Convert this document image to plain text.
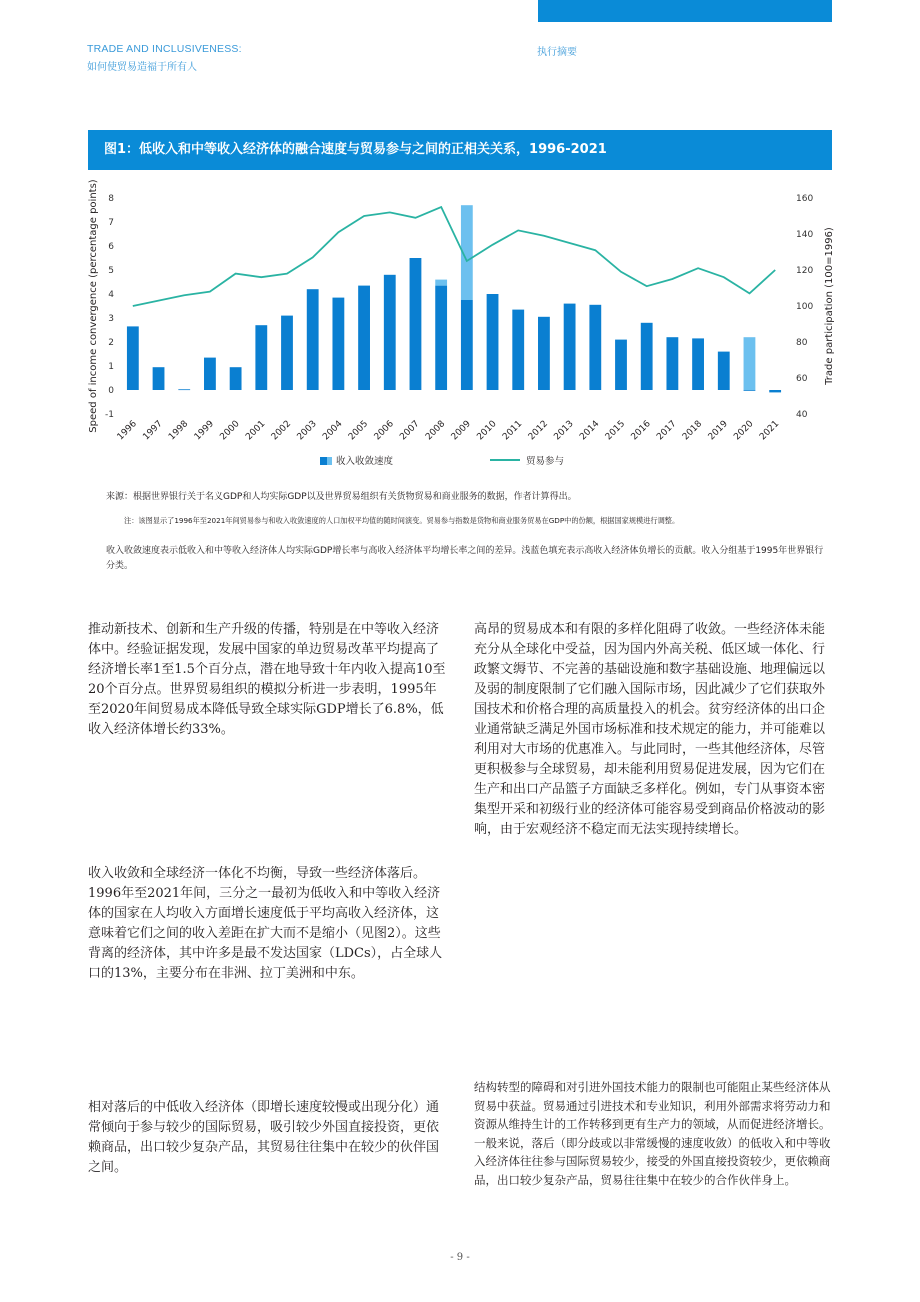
TRADE AND INCLUSIVENESS:
如何使贸易造福于所有人
执行摘要
图1：低收入和中等收入经济体的融合速度与贸易参与之间的正相关关系，1996-2021
-1
0
1
2
3
4
5
6
7
8
40
60
80
100
120
140
160
Speed of income convergence (percentage points)	Trade participation (100=1996)
1996 1997 1998 1999 2000 2001 2002 2003 2004 2005 2006 2007 2008 2009 2010 2011 2012 2013 2014 2015 2016 2017 2018 2019 2020 2021
收入收敛速度	贸易参与
来源：根据世界银行关于名义GDP和人均实际GDP以及世界贸易组织有关货物贸易和商业服务的数据，作者计算得出。
注：该图显示了1996年至2021年间贸易参与和收入收敛速度的人口加权平均值的随时间演变。贸易参与指数是货物和商业服务贸易在GDP中的份额，根据国家规模进行调整。
收入收敛速度表示低收入和中等收入经济体人均实际GDP增长率与高收入经济体平均增长率之间的差异。浅蓝色填充表示高收入经济体负增长的贡献。收入分组基于1995年世界银行分类。

推动新技术、创新和生产升级的传播，特别是在中等收入经济体中。经验证据发现，发展中国家的单边贸易改革平均提高了经济增长率1至1.5个百分点，潜在地导致十年内收入提高10至20个百分点。世界贸易组织的模拟分析进一步表明，1995年至2020年间贸易成本降低导致全球实际GDP增长了6.8%，低收入经济体增长约33%。

收入收敛和全球经济一体化不均衡，导致一些经济体落后。1996年至2021年间，三分之一最初为低收入和中等收入经济体的国家在人均收入方面增长速度低于平均高收入经济体，这意味着它们之间的收入差距在扩大而不是缩小（见图2）。这些背离的经济体，其中许多是最不发达国家（LDCs），占全球人口的13%，主要分布在非洲、拉丁美洲和中东。

相对落后的中低收入经济体（即增长速度较慢或出现分化）通常倾向于参与较少的国际贸易，吸引较少外国直接投资，更依赖商品，出口较少复杂产品，其贸易往往集中在较少的伙伴国之间。

高昂的贸易成本和有限的多样化阻碍了收敛。一些经济体未能充分从全球化中受益，因为国内外高关税、低区域一体化、行政繁文缛节、不完善的基础设施和数字基础设施、地理偏远以及弱的制度限制了它们融入国际市场，因此减少了它们获取外国技术和价格合理的高质量投入的机会。贫穷经济体的出口企业通常缺乏满足外国市场标准和技术规定的能力，并可能难以利用对大市场的优惠准入。与此同时，一些其他经济体，尽管更积极参与全球贸易，却未能利用贸易促进发展，因为它们在生产和出口产品篮子方面缺乏多样化。例如，专门从事资本密集型开采和初级行业的经济体可能容易受到商品价格波动的影响，由于宏观经济不稳定而无法实现持续增长。

结构转型的障碍和对引进外国技术能力的限制也可能阻止某些经济体从贸易中获益。贸易通过引进技术和专业知识，利用外部需求将劳动力和资源从维持生计的工作转移到更有生产力的领域，从而促进经济增长。一般来说，落后（即分歧或以非常缓慢的速度收敛）的低收入和中等收入经济体往往参与国际贸易较少，接受的外国直接投资较少，更依赖商品，出口较少复杂产品，贸易往往集中在较少的合作伙伴身上。

- 9 -
